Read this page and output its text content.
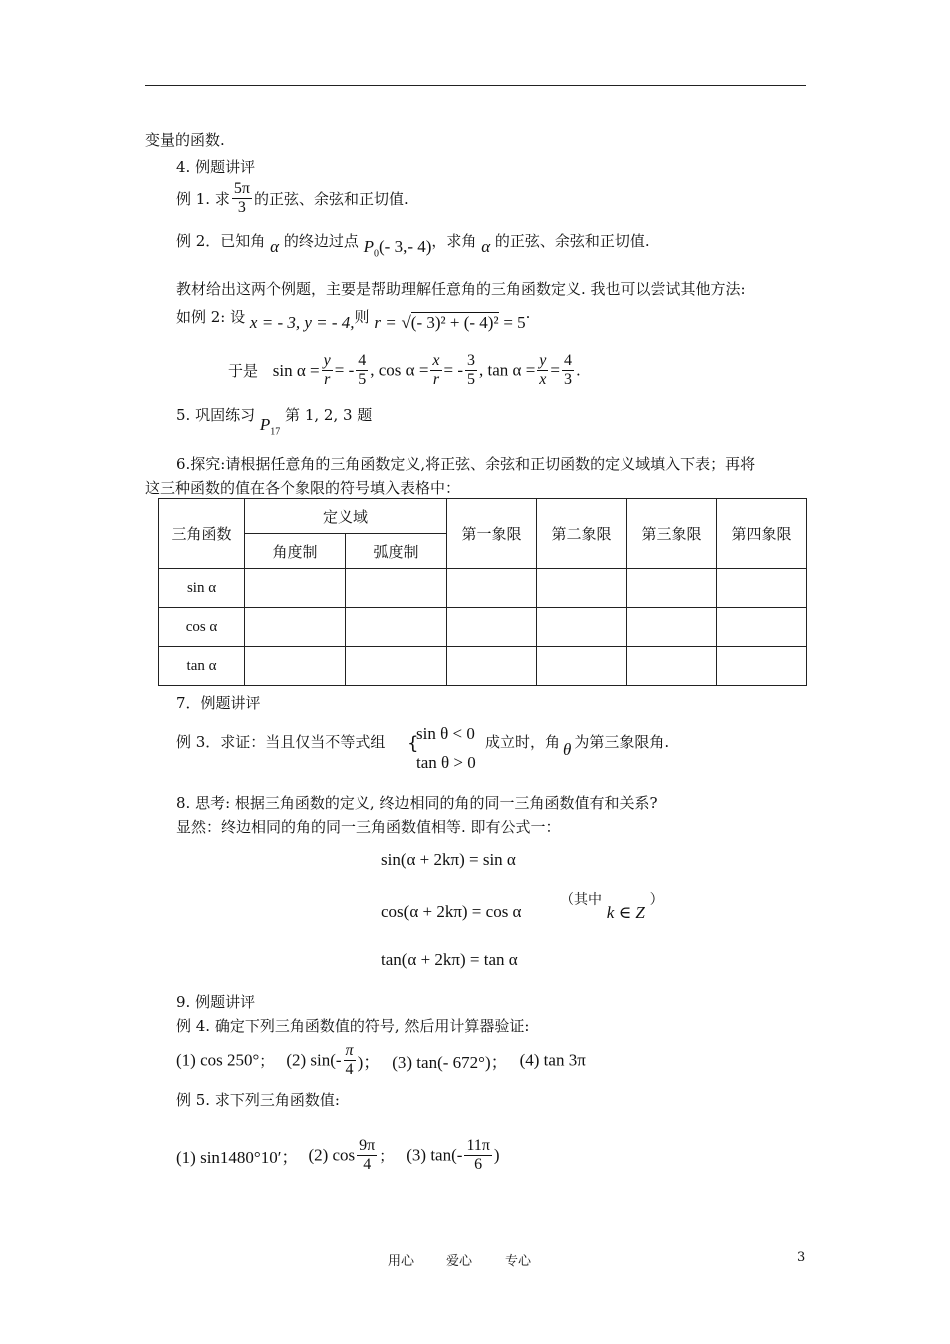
变量的函数.
4. 例题讲评
例 1. 求 $\frac{5\pi}{3}$ 的正弦、余弦和正切值.
例 2．已知角 α 的终边过点 $P_0(-$ 3,- 4)，求角 α 的正弦、余弦和正切值.
教材给出这两个例题，主要是帮助理解任意角的三角函数定义. 我也可以尝试其他方法:
如例 2: 设 x = - 3, y = - 4,则 r = √(- 3)² + (- 4)² = 5·
于是 $\sin \alpha = \frac{y}{r}$ = - $\frac{4}{5}$ , $\cos \alpha = \frac{x}{r}$ = - $\frac{3}{5}$ , $\tan \alpha = \frac{y}{x} = \frac{4}{3}$ .
5. 巩固练习 $P_{17}$ 第 1, 2, 3 题
6.探究:请根据任意角的三角函数定义,将正弦、余弦和正切函数的定义域填入下表；再将
这三种函数的值在各个象限的符号填入表格中：
三角函数	定义域		第一象限	第二象限	第三象限	第四象限
	角度制	弧度制				
sin α						
cos α						
tan α						
7．例题讲评
例 3．求证：当且仅当不等式组 {
sin θ < 0
tan θ > 0
成立时，角 θ 为第三象限角.
8. 思考: 根据三角函数的定义, 终边相同的角的同一三角函数值有和关系?
显然：终边相同的角的同一三角函数值相等. 即有公式一：
sin(α + 2kπ) = sin α
cos(α + 2kπ) = cos α
（其中 k ∈ Z ）
tan(α + 2kπ) = tan α
9. 例题讲评
例 4. 确定下列三角函数值的符号, 然后用计算器验证:
(1) cos 250°； (2) $\sin(- \frac{\pi}{4}$ )； (3) tan(- 672°)； (4) tan 3π
例 5. 求下列三角函数值:
(1) sin1480°10′； (2) $\cos \frac{9\pi}{4}$ ； (3) $\tan(- \frac{11\pi}{6}$ )
用心 爱心	专心	3
